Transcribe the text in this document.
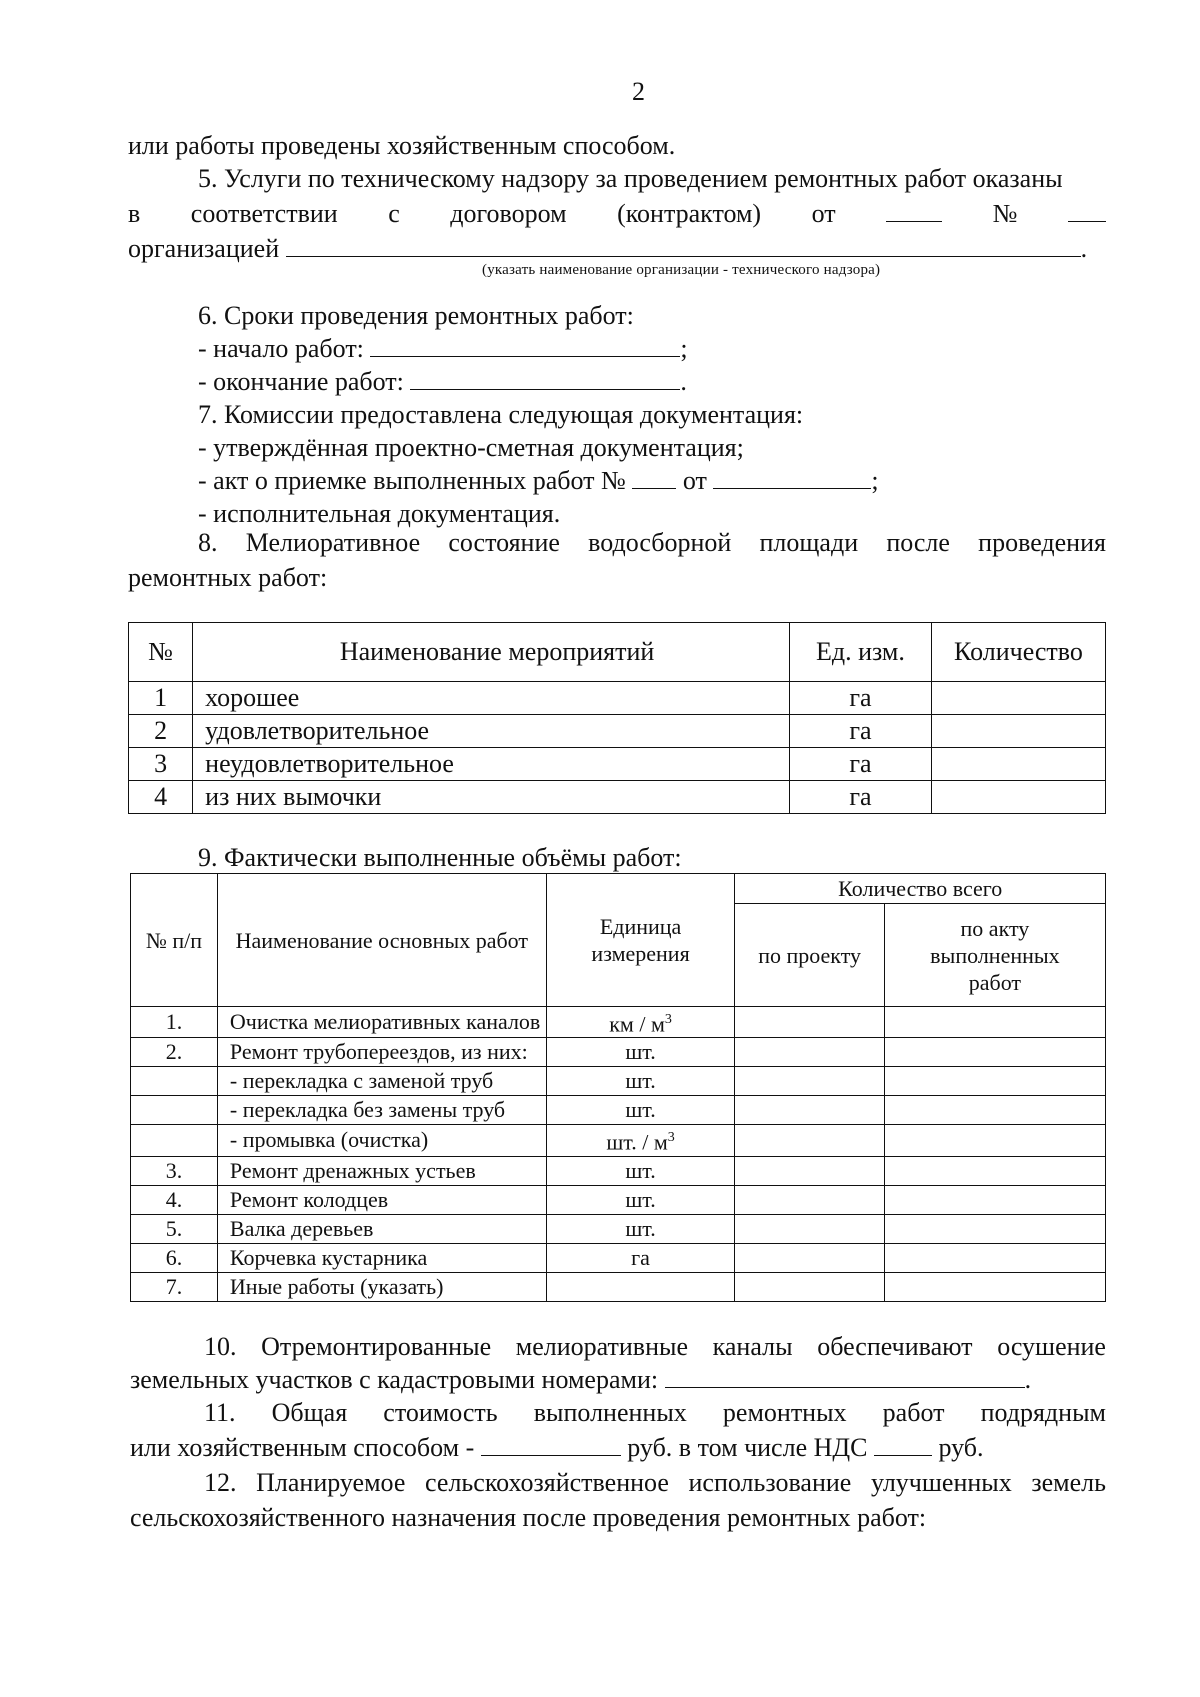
2
или работы проведены хозяйственным способом.
5. Услуги по техническому надзору за проведением ремонтных работ оказаны
в соответствии с договором (контрактом) от	№
организацией	.
(указать наименование организации - технического надзора)
6. Сроки проведения ремонтных работ:
- начало работ:	;
- окончание работ:	.
7. Комиссии предоставлена следующая документация:
- утверждённая проектно-сметная документация;
- акт о приемке выполненных работ № от	;
- исполнительная документация.
8. Мелиоративное состояние водосборной площади после проведения
ремонтных работ:
№	Наименование мероприятий	Ед. изм.	Количество
1	хорошее	га	
2	удовлетворительное	га	
3	неудовлетворительное	га	
4	из них вымочки	га	
9. Фактически выполненные объёмы работ:
№ п/п	Наименование основных работ	Единица измерения	Количество всего	
			по проекту	по акту выполненных работ
1.	Очистка мелиоративных каналов	км / $м^3$		
2.	Ремонт трубопереездов, из них:	шт.		
	- перекладка с заменой труб	шт.		
	- перекладка без замены труб	шт.		
	- промывка (очистка)	шт. / $м^3$		
3.	Ремонт дренажных устьев	шт.		
4.	Ремонт колодцев	шт.		
5.	Валка деревьев	шт.		
6.	Корчевка кустарника	га		
7.	Иные работы (указать)			
10. Отремонтированные мелиоративные каналы обеспечивают осушение
земельных участков с кадастровыми номерами:	.
11. Общая стоимость выполненных ремонтных работ подрядным
или хозяйственным способом -	руб. в том числе НДС	руб.
12. Планируемое сельскохозяйственное использование улучшенных земель
сельскохозяйственного назначения после проведения ремонтных работ:
